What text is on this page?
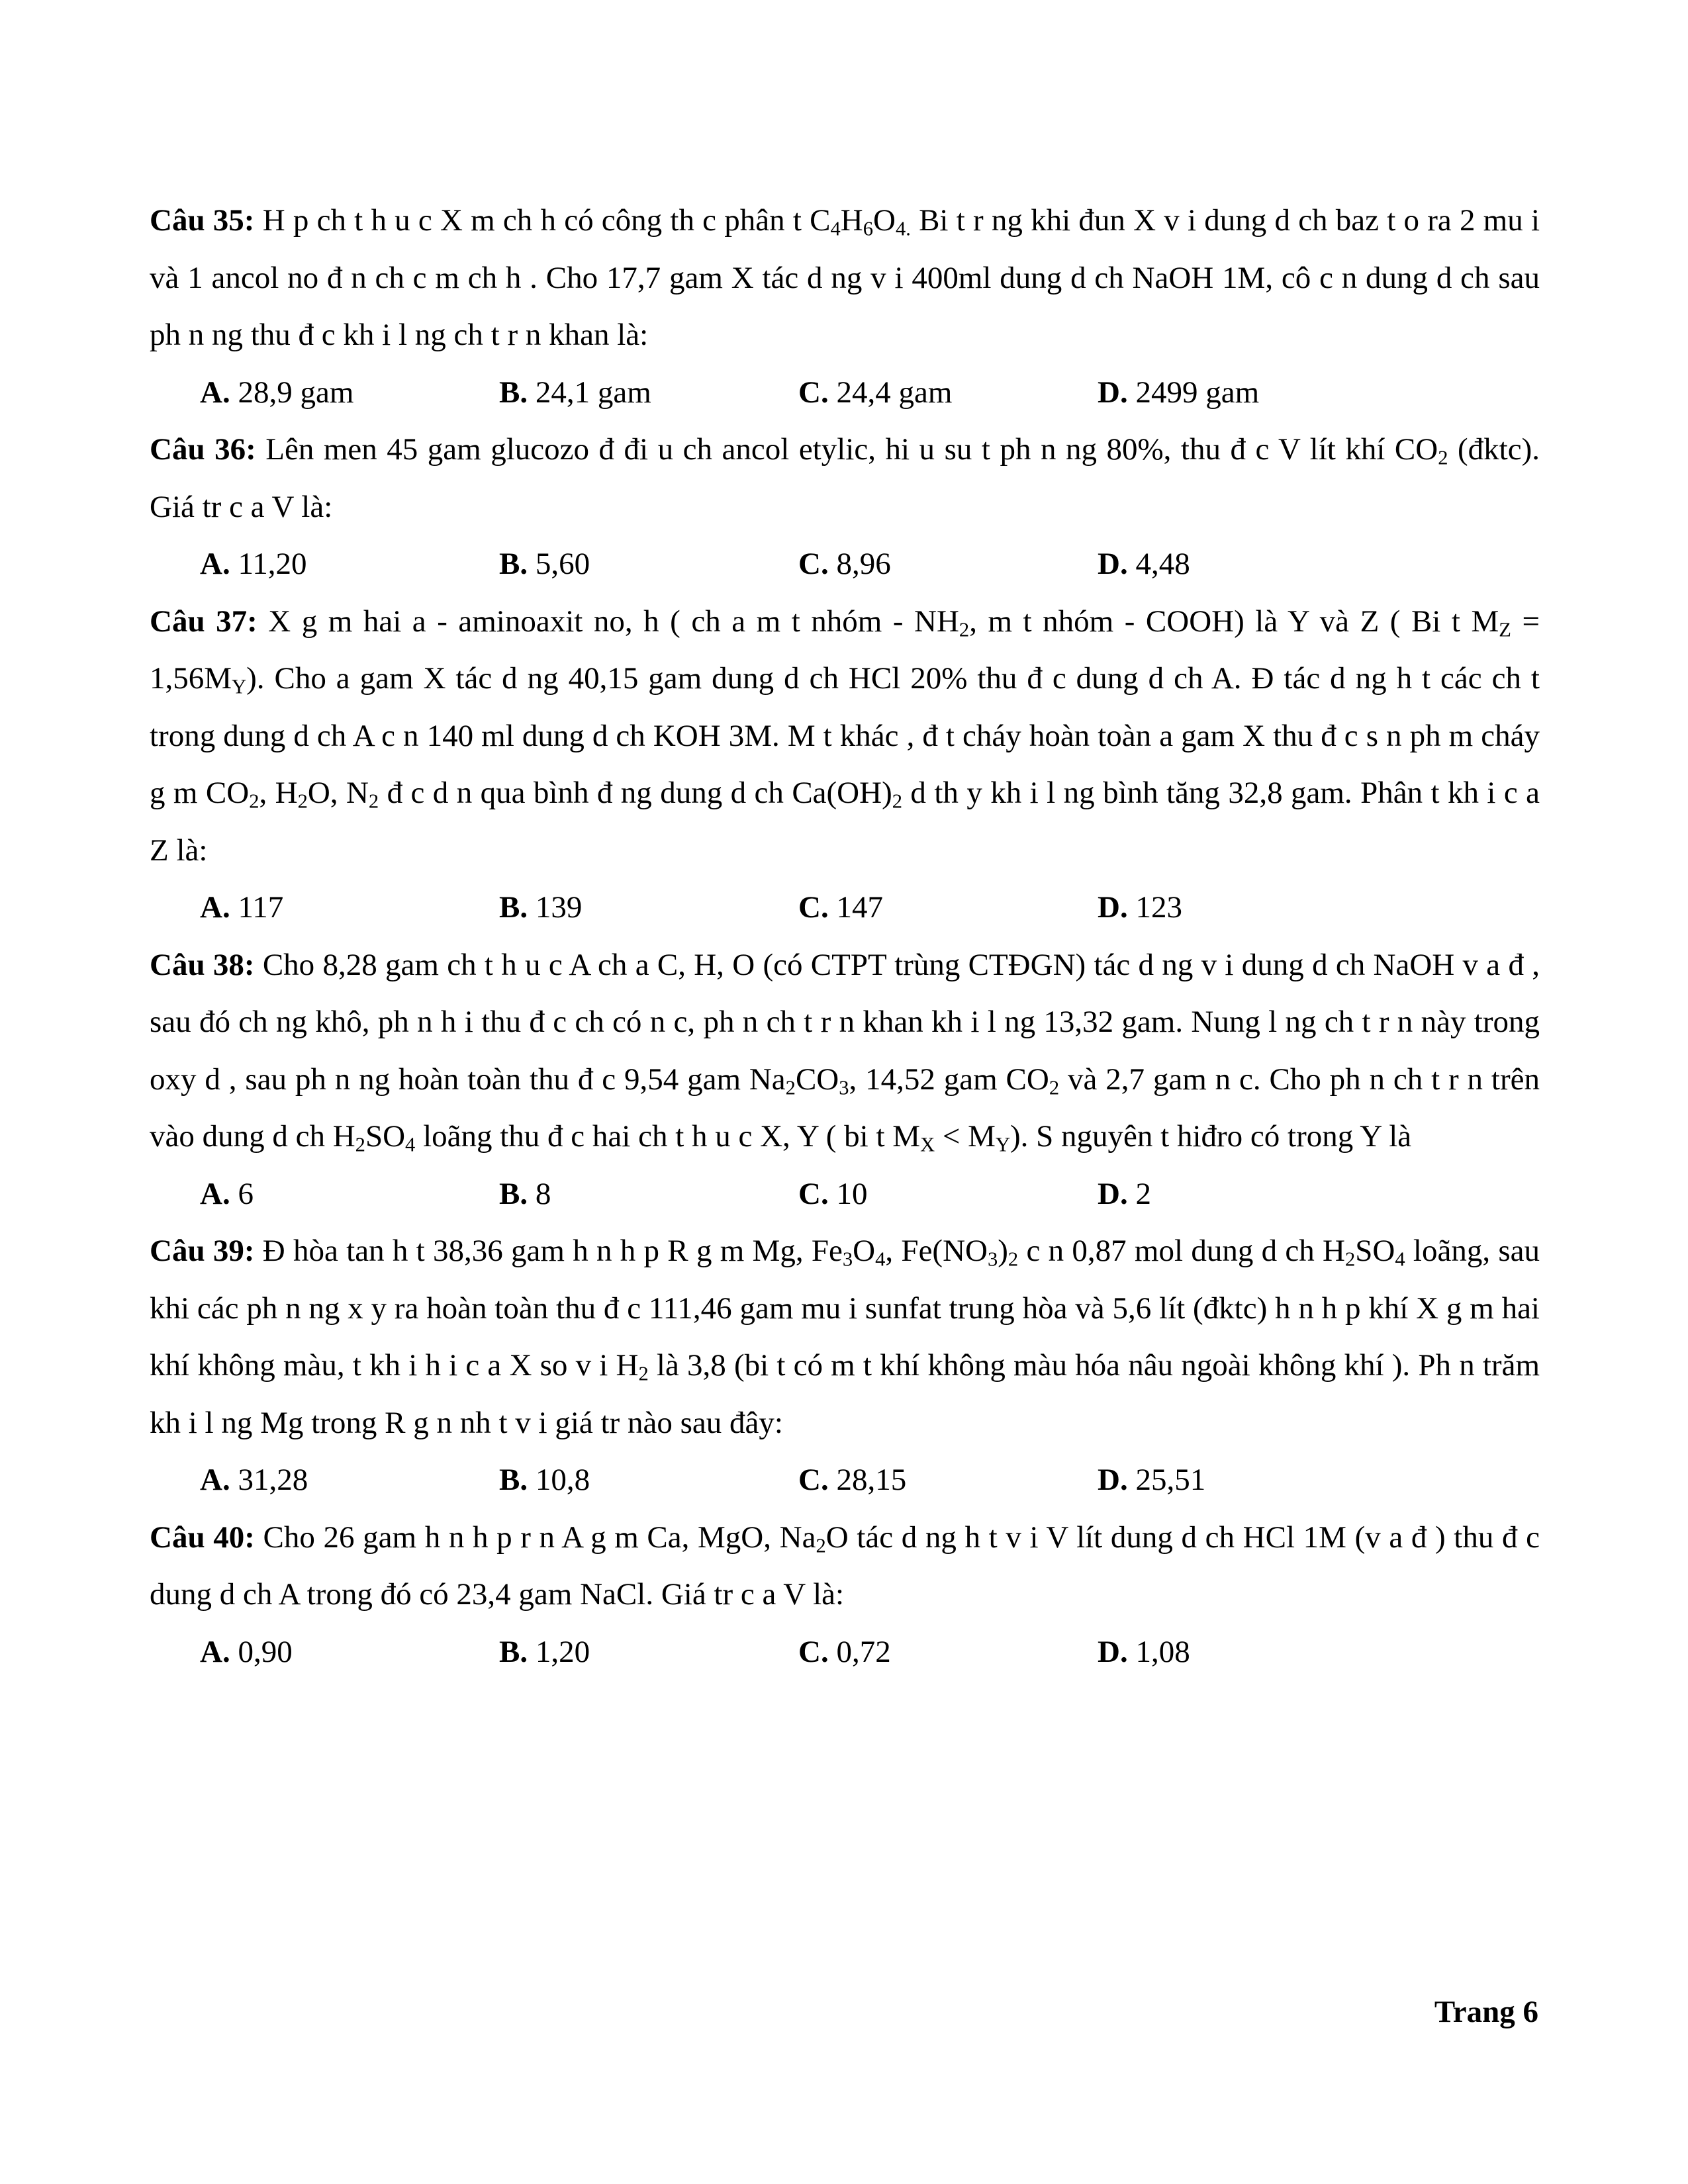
Câu 35: H p ch t h u c X m ch h có công th c phân t $C_4H_6O_{4.}$ Bi t r ng khi đun X v i dung d ch baz t o ra 2 mu i và 1 ancol no đ n ch c m ch h . Cho 17,7 gam X tác d ng v i 400ml dung d ch NaOH 1M, cô c n dung d ch sau ph n ng thu đ c kh i l ng ch t r n khan là:

A. 28,9 gam	B. 24,1 gam	C. 24,4 gam	D. 2499 gam

Câu 36: Lên men 45 gam glucozo đ đi u ch ancol etylic, hi u su t ph n ng 80%, thu đ c V lít khí $CO_2$ (đktc). Giá tr c a V là:

A. 11,20	B. 5,60	C. 8,96	D. 4,48

Câu 37: X g m hai a - aminoaxit no, h ( ch a m t nhóm - $NH_2$, m t nhóm - COOH) là Y và Z ( Bi t $M_Z = 1,56M_Y$). Cho a gam X tác d ng 40,15 gam dung d ch HCl 20% thu đ c dung d ch A. Đ tác d ng h t các ch t trong dung d ch A c n 140 ml dung d ch KOH 3M. M t khác , đ t cháy hoàn toàn a gam X thu đ c s n ph m cháy g m $CO_2$, $H_2O$, $N_2$ đ c d n qua bình đ ng dung d ch $Ca(OH)_2$ d th y kh i l ng bình tăng 32,8 gam. Phân t kh i c a Z là:

A. 117	B. 139	C. 147	D. 123

Câu 38: Cho 8,28 gam ch t h u c A ch a C, H, O (có CTPT trùng CTĐGN) tác d ng v i dung d ch NaOH v a đ , sau đó ch ng khô, ph n h i thu đ c ch có n c, ph n ch t r n khan kh i l ng 13,32 gam. Nung l ng ch t r n này trong oxy d , sau ph n ng hoàn toàn thu đ c 9,54 gam $Na_2CO_3$, 14,52 gam $CO_2$ và 2,7 gam n c. Cho ph n ch t r n trên vào dung d ch $H_2SO_4$ loãng thu đ c hai ch t h u c X, Y ( bi t $M_X < M_Y$). S nguyên t hiđro có trong Y là

A. 6	B. 8	C. 10	D. 2

Câu 39: Đ hòa tan h t 38,36 gam h n h p R g m Mg, $Fe_3O_4$, $Fe(NO_3)_2$ c n 0,87 mol dung d ch $H_2SO_4$ loãng, sau khi các ph n ng x y ra hoàn toàn thu đ c 111,46 gam mu i sunfat trung hòa và 5,6 lít (đktc) h n h p khí X g m hai khí không màu, t kh i h i c a X so v i $H_2$ là 3,8 (bi t có m t khí không màu hóa nâu ngoài không khí ). Ph n trăm kh i l ng Mg trong R g n nh t v i giá tr nào sau đây:

A. 31,28	B. 10,8	C. 28,15	D. 25,51

Câu 40: Cho 26 gam h n h p r n A g m Ca, MgO, $Na_2O$ tác d ng h t v i V lít dung d ch HCl 1M (v a đ ) thu đ c dung d ch A trong đó có 23,4 gam NaCl. Giá tr c a V là:

A. 0,90	B. 1,20	C. 0,72	D. 1,08
Trang 6
